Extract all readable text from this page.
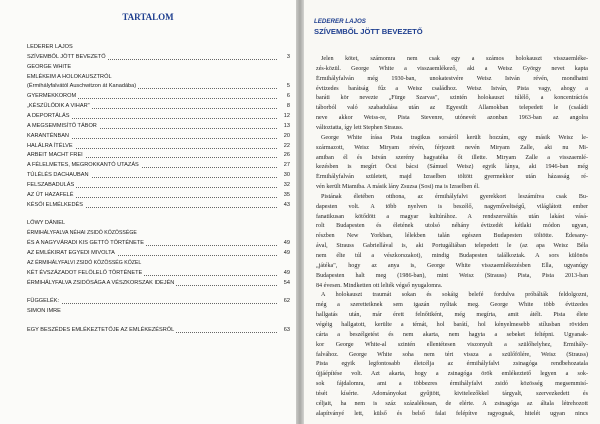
TARTALOM
LEDERER LAJOS
SZÍVEMBŐL JÖTT BEVEZETŐ	3
GEORGE WHITE
EMLÉKEIM A HOLOKAUSZTRÓL
(Érmihályfalvától Auschwitzon át Kanadába)	5
GYERMEKKOROM	6
„KÉSZÜLŐDIK A VIHAR"	8
A DEPORTÁLÁS	12
A MEGSEMMISÍTŐ TÁBOR	13
KARANTÉNBAN	20
HALÁLRA ÍTÉLVE	22
ARBEIT MACHT FREI	26
A FÉLELMETES, MEGROKKANTÓ UTAZÁS	27
TÚLÉLÉS DACHAUBAN	30
FELSZABADULÁS	32
AZ ÚT HAZAFELÉ	35
KÉSŐI ELMÉLKEDÉS	43
LŐWY DÁNIEL
ÉRMIHÁLYFALVA NÉHAI ZSIDÓ KÖZÖSSÉGE
ÉS A NAGYVÁRADI KIS GETTÓ TÖRTÉNETE	49
AZ EMLÉKIRAT EGYEDI MIVOLTA	49
AZ ÉRMIHÁLYFALVI ZSIDÓ KÖZÖSSÉG KÖZEL
KÉT ÉVSZÁZADOT FELÖLELŐ TÖRTÉNETE	49
ÉRMIHÁLYFALVA ZSIDÓSÁGA A VÉSZKORSZAK IDEJÉN	54
FÜGGELÉK:	62
SIMON IMRE
EGY BESZÉDES EMLÉKEZTETŐJE AZ EMLÉKEZÉSRŐL	63
LEDERER LAJOS
SZÍVEMBŐL JÖTT BEVEZETŐ
Jelen kötet, számomra nem csak egy a számos holokauszt visszaemléke-
zés-közül. George White a visszaemlékező, aki a Weisz György nevet kapta
Érmihályfalván még 1930-ban, unokatestvére Weisz István révén, mondhatni
évtizedes barátság fűz a Weisz családhoz. Weisz István, Pista vagy, ahogy a
baráti kör nevezte „Fürge Szarvas", szintén holokauszt túlélő, a koncentrációs
táborból való szabadulása után az Egyesült Államokban telepedett le (családi
neve akkor Weiss-re, Pista Stevenre, utónevét azonban 1963-ban az angolra
változtatta, így lett Stephen Strauss.
George White írása Pista tragikus sorsáról került hozzám, egy másik Weisz le-
származott, Weisz Miryam révén, férjezett nevén Miryam Zalle, aki nu Mi-
amiban él és István szerény hagyatéka őt illette. Miryam Zalle a visszaemlé-
kezésben is megírt Öcsi bácsi (Sámuel Weisz) egyik lánya, aki 1946-ban még
Érmihályfalván született, majd Izraelben töltött gyermekkor után házasság ré-
vén került Miamiba. A másik lány Zsuzsa (Sosi) ma is Izraelben él.
Pistának életében otthona, az érmihályfalvi gyerekkort leszámítva csak Bu-
dapesten volt. A több nyelven is beszélő, nagyműveltségű, világlátott ember
fanatikusan kötődött a magyar kultúrához. A rendszerváltás után lakást vásá-
rolt Budapesten és életének utolsó néhány évtizedét kétlaki módon ugyan,
részben New Yorkban, lélekben talán egészen Budapesten töltötte. Édesany-
ával, Strauss Gabriellával is, aki Portugáliában telepedett le (az apa Weisz Béla
nem élte túl a vészkorszakot), mindig Budapesten találkoztak. A sors különös
„játéka", hogy az anya is, George White visszaemlékezésben Ella, ugyanúgy
Budapesten halt meg (1986-ban), mint Weisz (Strauss) Pista, Pista 2013-ban
84 évesen. Mindketten ott lelték végső nyugalomra.
A holokauszt traumát sokan és sokáig belefé fordulva próbálták feldolgozni,
még a szeretteiknek sem igazán nyíltak meg. George White több évtizedes
hallgatás után, már érett felnőttként, még megírta, amit átélt. Pista élete
végéig hallgatott, kerülte a témát, hol barátí, hol kényelmesebb stílusban röviden
cárta a beszélgetést és nem akarta, nem hagyta a sebeket feltépni. Ugyanak-
kor George White-al szintén ellentétesen viszonyult a szülőhelyhez, Érmihály-
falvához. George White soha nem tért vissza a szülőfölére, Weisz (Strauss)
Pista egyik legfontosabb életcélja az érmihályfalvi zsinagóga rendbehozatala
újjáépítése volt. Azt akarta, hogy a zsinagóga örök emlékeztető legyen a sok-
sok fájdalomra, ami a többezres érmihályfalvi zsidó közösség megsemmisí-
tését kísérte. Adományokat gyűjtött, kivitelezőkkel tárgyalt, szervezkedett és
céljait, ha nem is száz százalékosan, de elérte. A zsinagóga az általa létrehozott
alapítványé lett, külső és belső falai felépítve ragyognak, hitelét ugyan nincs
